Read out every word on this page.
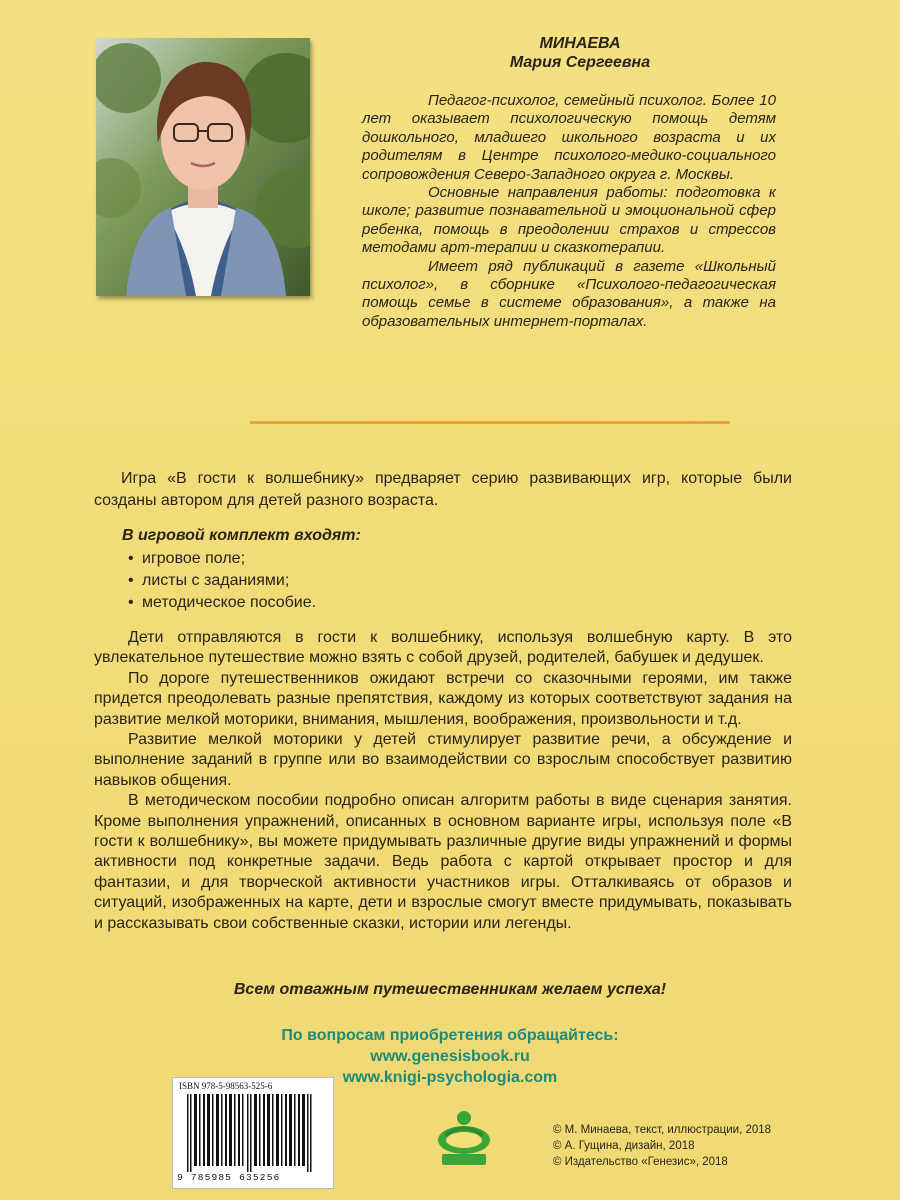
МИНАЕВА
Мария Сергеевна

Педагог-психолог, семейный психолог. Более 10 лет оказывает психологическую помощь детям дошкольного, младшего школьного возраста и их родителям в Центре психолого-медико-социального сопровождения Северо-Западного округа г. Москвы.

Основные направления работы: подготовка к школе; развитие познавательной и эмоциональной сфер ребенка, помощь в преодолении страхов и стрессов методами арт-терапии и сказкотерапии.

Имеет ряд публикаций в газете «Школьный психолог», в сборнике «Психолого-педагогическая помощь семье в системе образования», а также на образовательных интернет-порталах.

Игра «В гости к волшебнику» предваряет серию развивающих игр, которые были созданы автором для детей разного возраста.
В игровой комплект входят:
• игровое поле;
• листы с заданиями;
• методическое пособие.

Дети отправляются в гости к волшебнику, используя волшебную карту. В это увлекательное путешествие можно взять с собой друзей, родителей, бабушек и дедушек.

По дороге путешественников ожидают встречи со сказочными героями, им также придется преодолевать разные препятствия, каждому из которых соответствуют задания на развитие мелкой моторики, внимания, мышления, воображения, произвольности и т.д.

Развитие мелкой моторики у детей стимулирует развитие речи, а обсуждение и выполнение заданий в группе или во взаимодействии со взрослым способствует развитию навыков общения.

В методическом пособии подробно описан алгоритм работы в виде сценария занятия. Кроме выполнения упражнений, описанных в основном варианте игры, используя поле «В гости к волшебнику», вы можете придумывать различные другие виды упражнений и формы активности под конкретные задачи. Ведь работа с картой открывает простор и для фантазии, и для творческой активности участников игры. Отталкиваясь от образов и ситуаций, изображенных на карте, дети и взрослые смогут вместе придумывать, показывать и рассказывать свои собственные сказки, истории или легенды.

Всем отважным путешественникам желаем успеха!
По вопросам приобретения обращайтесь:
www.genesisbook.ru
www.knigi-psychologia.com
ISBN 978-5-98563-525-6
9 785985 635256
© М. Минаева, текст, иллюстрации, 2018
© А. Гущина, дизайн, 2018
© Издательство «Генезис», 2018
